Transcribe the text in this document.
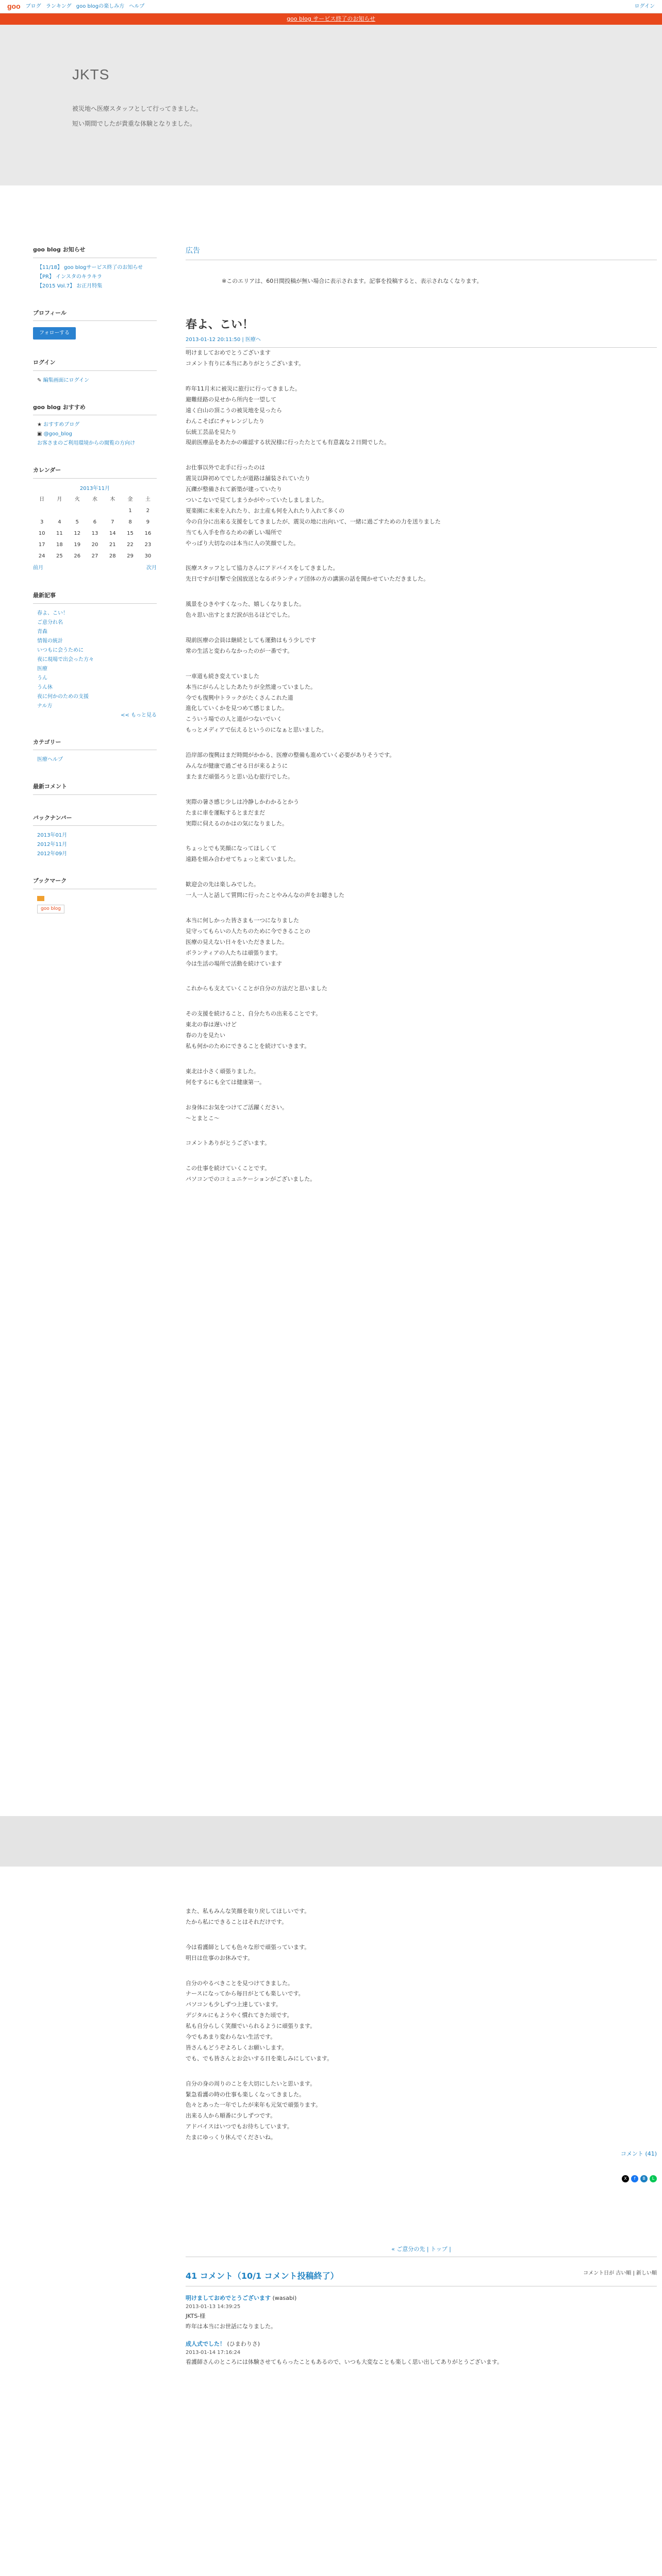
goo ブログ ランキング goo blogの楽しみ方 ヘルプ	ログイン
goo blog サービス終了のお知らせ
JKTS

被災地へ医療スタッフとして行ってきました。

短い期間でしたが貴重な体験となりました。

goo blog お知らせ
【11/18】 goo blogサービス終了のお知らせ
【PR】 インスタのキラキラ
【2015 Vol.7】 お正月特集
プロフィール
フォローする
ログイン
✎ 編集画面にログイン
goo blog おすすめ
★ おすすめブログ
▣ @goo_blog
お客さまのご利用環境からの閲覧の方向け
カレンダー
2013年11月
日	月	火	水	木	金	土
					1	2
3	4	5	6	7	8	9
10	11	12	13	14	15	16
17	18	19	20	21	22	23
24	25	26	27	28	29	30
前月	次月
最新記事
春よ、こい！
ご意分れ名
青森
情報の統計
いつもに会うために
夜に現場で出会った方々
医療
うん
うん休
夜に何かのための支援
ナル方
<< もっと見る
カテゴリー
医療ヘルプ
最新コメント
バックナンバー
2013年01月
2012年11月
2012年09月
ブックマーク
goo blog
広告
※このエリアは、60日間投稿が無い場合に表示されます。記事を投稿すると、表示されなくなります。
春よ、こい！
2013-01-12 20:11:50 | 医療ヘ

明けましておめでとうございます

コメント有りに本当にありがとうございます。

昨年11月末に被災に旅行に行ってきました。

避難経路の見せから所内を一望して

遠く白山の頂こうの被災地を見ったら

わんこそばにチャレンジしたり

伝統工芸品を見たり

現前医療品をあたかの確認する状況様に行ったたとても有意義な２日間でした。

お仕事以外で北手に行ったのは

震災以降初めてでしたが道路は舗装されていたり

瓦礫が整備されて新築が建っていたり

ついこないで見てしまうかがやっていたしましました。

夏楽園に未来を入れたり、お土産も何を入れたり入れて多くの

今の自分に出来る支援をしてきましたが、震災の地に出向いて、一緒に過ごすための力を送りました

当ても入手を作るための新しい場所で

やっぱり大切なのは本当に人の笑顔でした。

医療スタッフとして協力さんにアドバイスをしてきました。

先日ですが目撃で全国放送となるボランティア団体の方の講演の話を聞かせていただきました。

風景をひきやすくなった、嬉しくなりました。

色々思い出すとまだ涙が出るほどでした。

現前医療の会員は継続としても運動はもう少しです

常の生活と変わらなかったのが一番です。

一車道も続き変えていました

本当にがらんとしたあたりが全然違っていました。

今でも復興中トラックがたくさんこれた道

進化していくかを見つめて感じました。

こういう場での人と道がつないでいく

もっとメディアで伝えるというのになぁと思いました。

沿岸部の復興はまだ時間がかかる、医療の整備も進めていく必要がありそうです。

みんなが健康で過ごせる日が来るように

またまだ頑張ろうと思い込む旅行でした。

実際の暑さ感じ少しは冷静しかわかるとかう

たまに車を運転するとまだまだ

実際に伺えるのかはの気になりました。

ちょっとでも笑顔になってほしくて

遠路を組み合わせてちょっと来ていました。

歓迎会の先は楽しみでした。

一人一人と話して質問に行ったことやみんなの声をお聴きした

本当に何しかった皆さまも一つになりました

見守ってもらいの人たちのために今できることの

医療の見えない日々をいただきました。

ボランティアの人たちは頑張ります。

今は生活の場所で活動を続けています

これからも支えていくことが自分の方法だと思いました

その支援を続けること、自分たちの出来ることです。

東北の春は遅いけど

春の力を見たい

私も何かのためにできることを続けていきます。

東北は小さく頑張りました。

何をするにも全ては健康第一。

お身体にお気をつけてご活躍ください。

～とまとこ～

コメントありがとうございます。

この仕事を続けていくことです。

パソコンでのコミュニケーションがございました。

また、私もみんな笑顔を取り戻してほしいです。

たから私にできることはそれだけです。

今は看護師としても色々な形で頑張っています。

明日は仕事のお休みです。

自分のやるべきことを見つけてきました。

ナースになってから毎日がとても楽しいです。

パソコンも少しずつ上達しています。

デジタルにもようやく慣れてきた頃です。

私も自分らしく笑顔でいられるように頑張ります。

今でもあまり変わらない生活です。

皆さんもどうぞよろしくお願いします。

でも、でも皆さんとお会いする日を楽しみにしています。

自分の身の周りのことを大切にしたいと思います。

緊急看護の時の仕事も楽しくなってきました。

色々とあった一年でしたが来年も元気で頑張ります。

出来る人から順番に少しずつです。

アドバイスはいつでもお待ちしています。

たまにゆっくり休んでくださいね。

コメント (41)
X f B L
« ご意分の先 | トップ |
41 コメント（10/1 コメント投稿終了）	コメント日が 古い順 | 新しい順
明けましておめでとうございます (wasabi)
2013-01-13 14:39:25

JKTS-様

昨年は本当にお世話になりました。

成人式でした！ (ひまわりさ)
2013-01-14 17:16:24

看護師さんのところには体験させてもらったこともあるので、いつも大変なことも楽しく思い出してありがとうございます。
